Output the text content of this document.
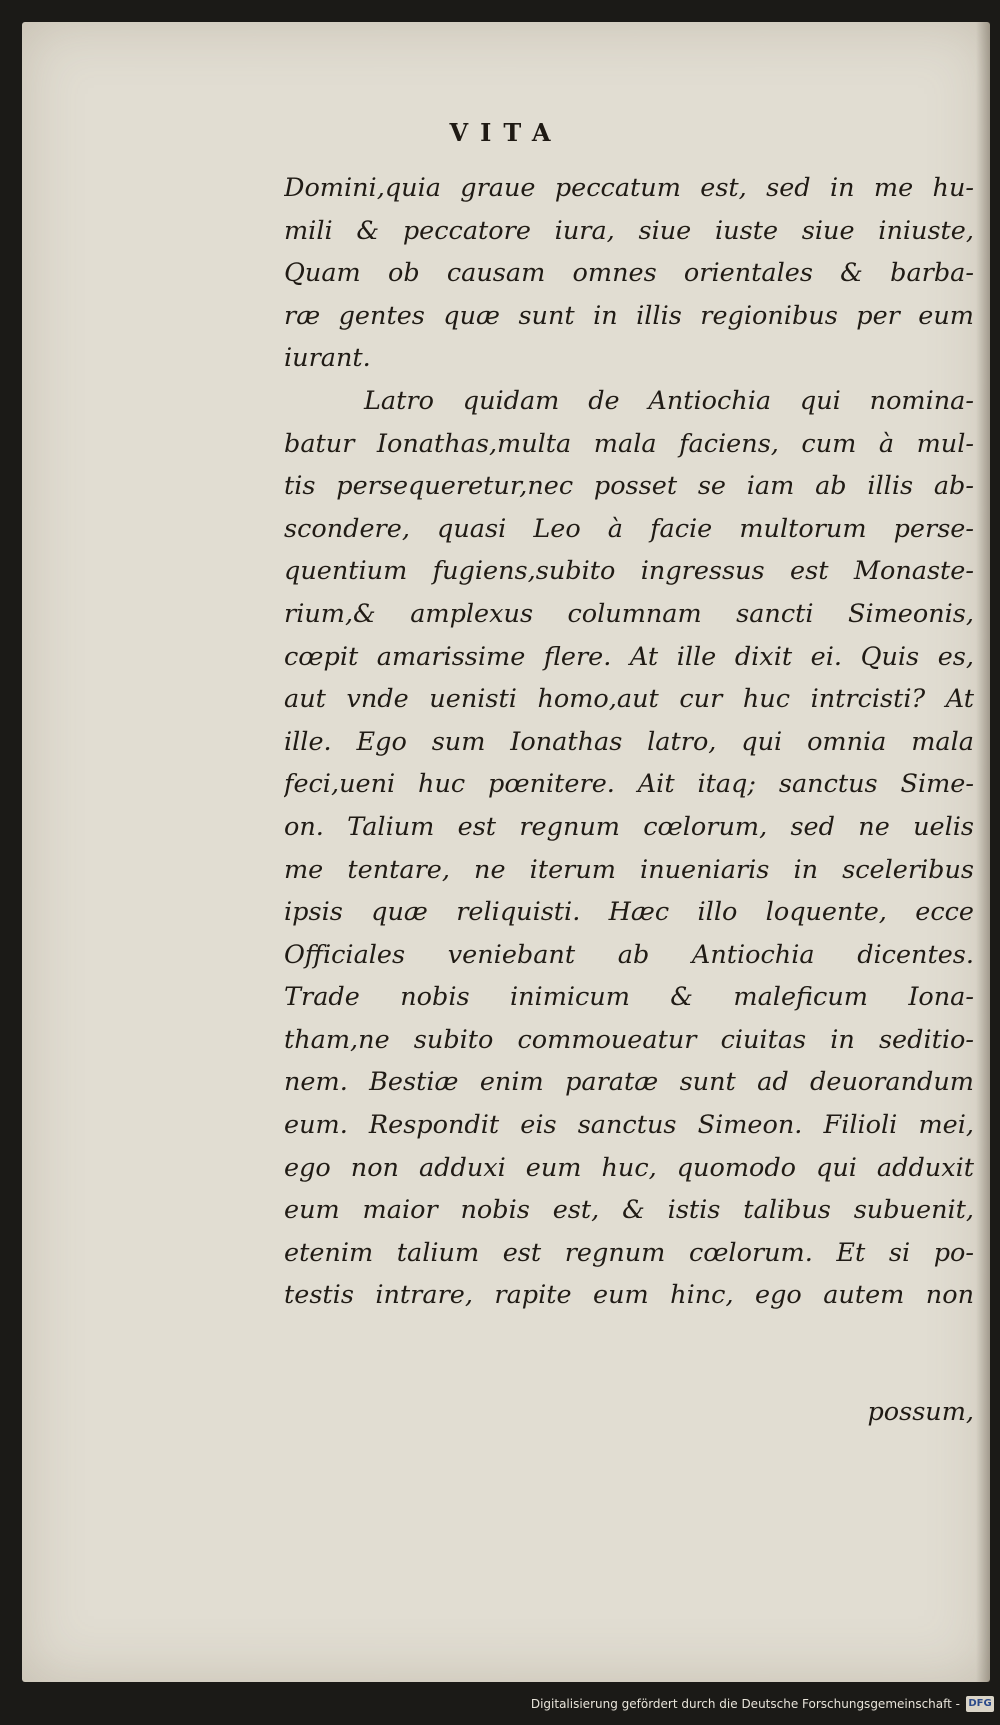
VITA
Domini,quia graue peccatum est, sed in me hu-
mili & peccatore iura, siue iuste siue iniuste,
Quam ob causam omnes orientales & barba-
ræ gentes quæ sunt in illis regionibus per eum
iurant.
Latro quidam de Antiochia qui nomina-
batur Ionathas,multa mala faciens, cum à mul-
tis persequeretur,nec posset se iam ab illis ab-
scondere, quasi Leo à facie multorum perse-
quentium fugiens,subito ingressus est Monaste-
rium,& amplexus columnam sancti Simeonis,
cœpit amarissime flere. At ille dixit ei. Quis es,
aut vnde uenisti homo,aut cur huc intrcisti? At
ille. Ego sum Ionathas latro, qui omnia mala
feci,ueni huc pœnitere. Ait itaq; sanctus Sime-
on. Talium est regnum cœlorum, sed ne uelis
me tentare, ne iterum inueniaris in sceleribus
ipsis quæ reliquisti. Hæc illo loquente, ecce
Officiales veniebant ab Antiochia dicentes.
Trade nobis inimicum & maleficum Iona-
tham,ne subito commoueatur ciuitas in seditio-
nem. Bestiæ enim paratæ sunt ad deuorandum
eum. Respondit eis sanctus Simeon. Filioli mei,
ego non adduxi eum huc, quomodo qui adduxit
eum maior nobis est, & istis talibus subuenit,
etenim talium est regnum cœlorum. Et si po-
testis intrare, rapite eum hinc, ego autem non
possum,
Digitalisierung gefördert durch die Deutsche Forschungsgemeinschaft - DFG
